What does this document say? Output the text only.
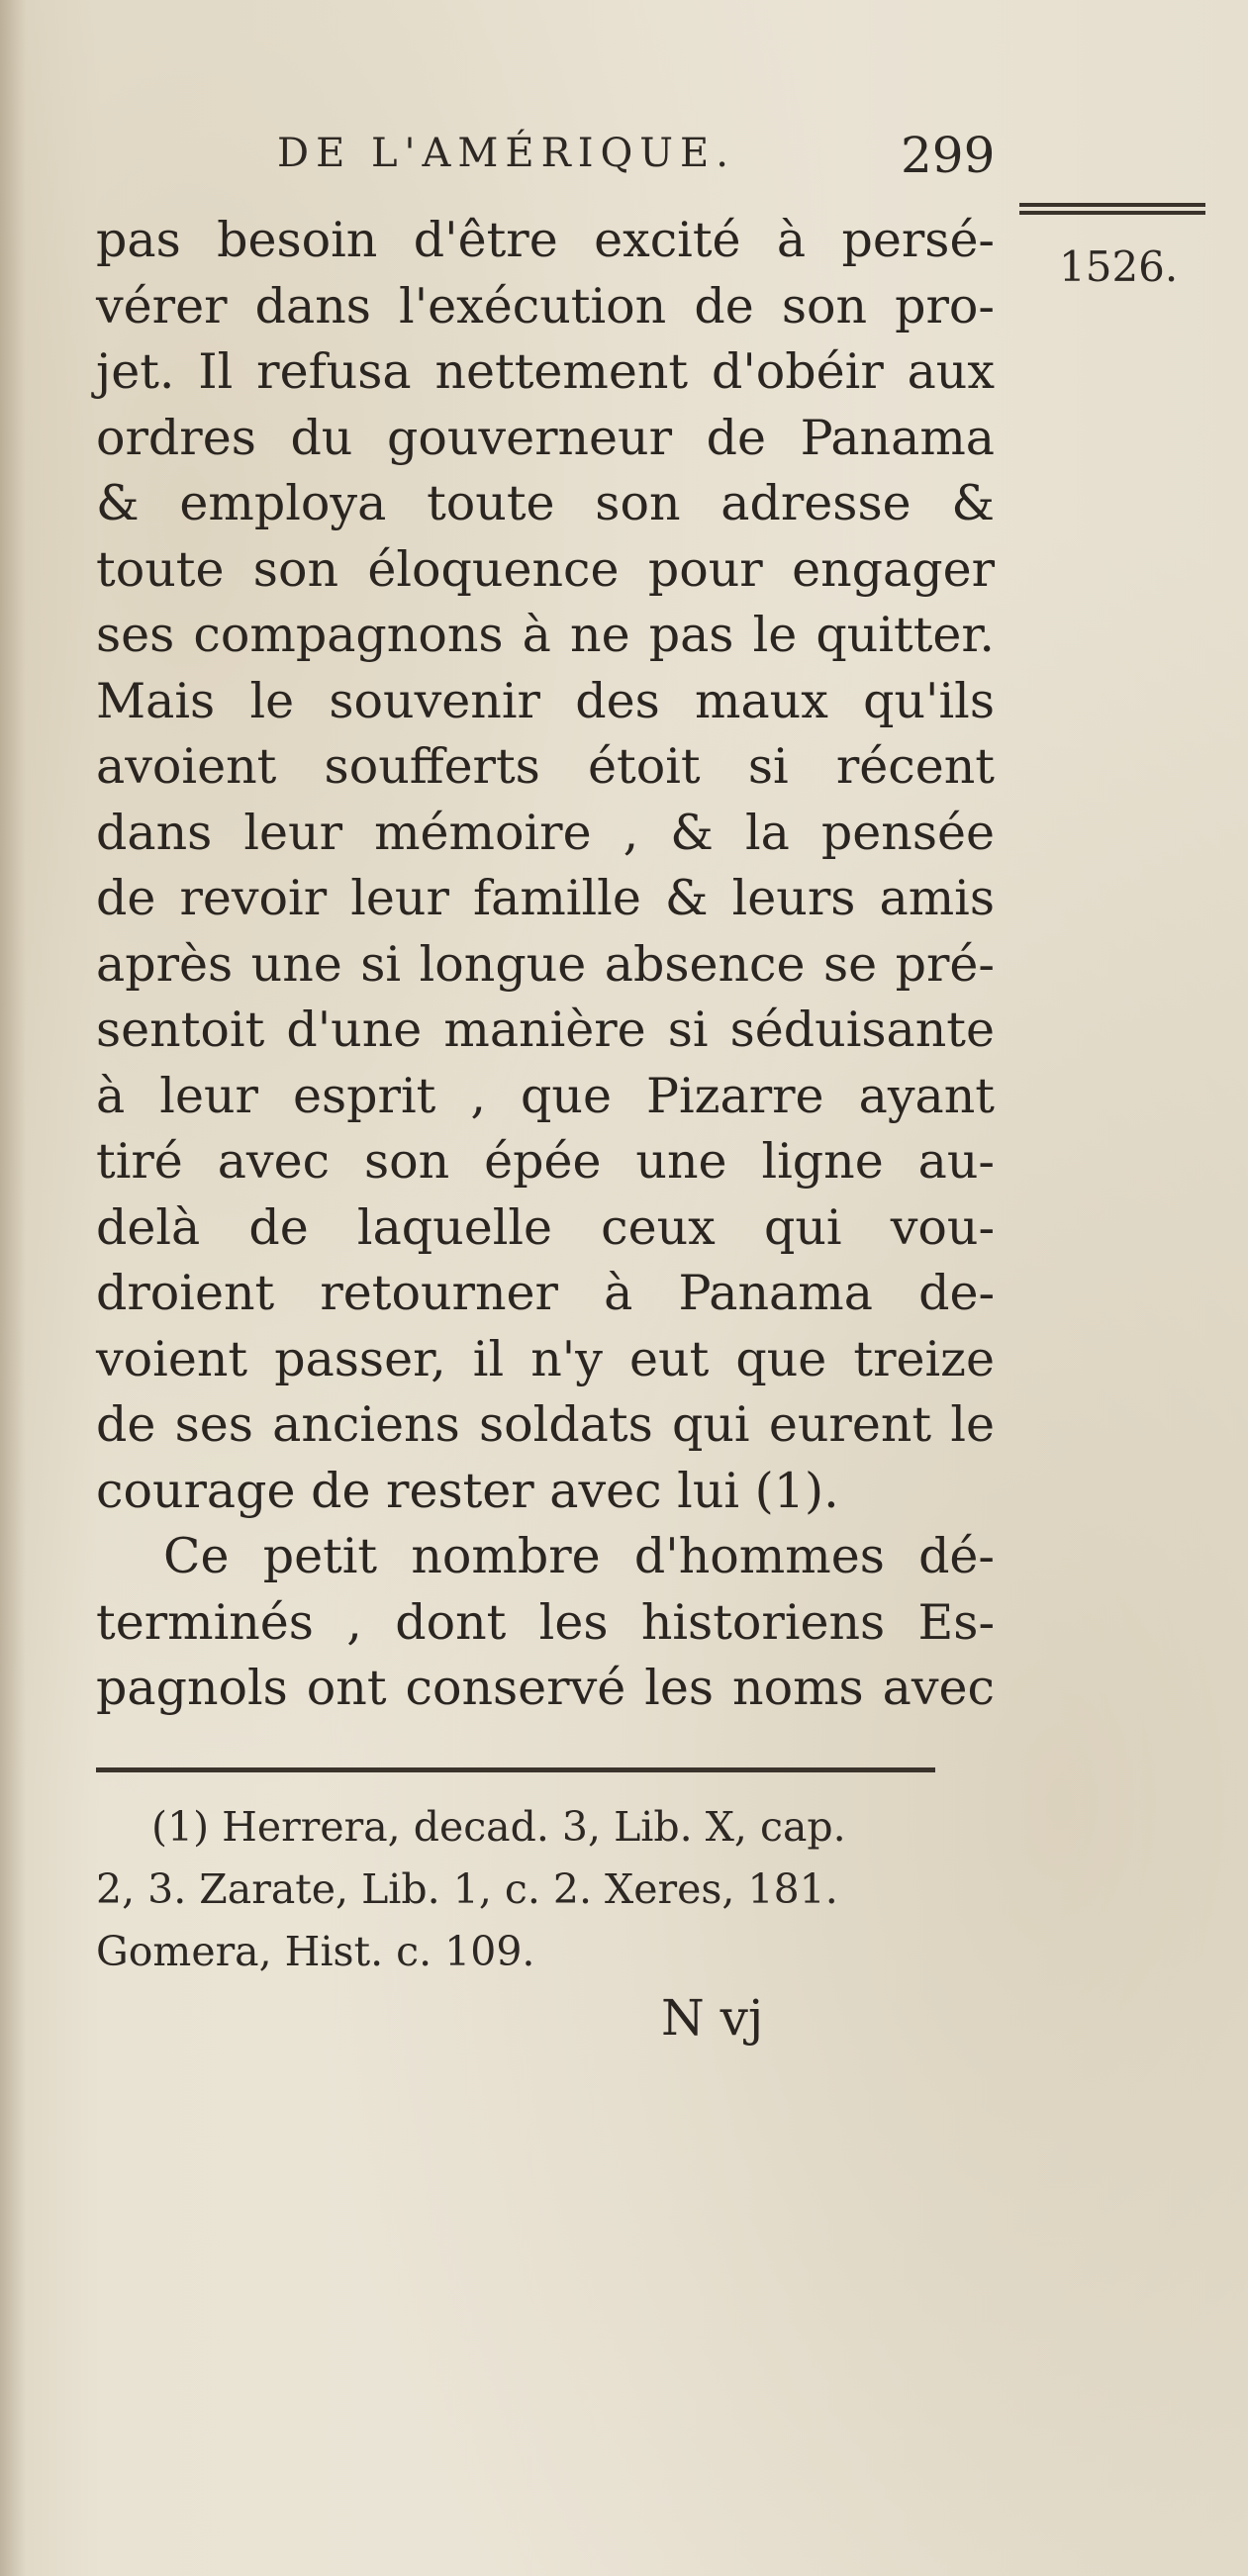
DE L'AMÉRIQUE.	299
1526.
pas besoin d'être excité à persé-
vérer dans l'exécution de son pro-
jet. Il refusa nettement d'obéir aux
ordres du gouverneur de Panama
& employa toute son adresse &
toute son éloquence pour engager
ses compagnons à ne pas le quitter.
Mais le souvenir des maux qu'ils
avoient soufferts étoit si récent
dans leur mémoire , & la pensée
de revoir leur famille & leurs amis
après une si longue absence se pré-
sentoit d'une manière si séduisante
à leur esprit , que Pizarre ayant
tiré avec son épée une ligne au-
delà de laquelle ceux qui vou-
droient retourner à Panama de-
voient passer, il n'y eut que treize
de ses anciens soldats qui eurent le
courage de rester avec lui (1).
Ce petit nombre d'hommes dé-
terminés , dont les historiens Es-
pagnols ont conservé les noms avec
(1) Herrera, decad. 3, Lib. X, cap.
2, 3. Zarate, Lib. 1, c. 2. Xeres, 181.
Gomera, Hist. c. 109.
N vj
